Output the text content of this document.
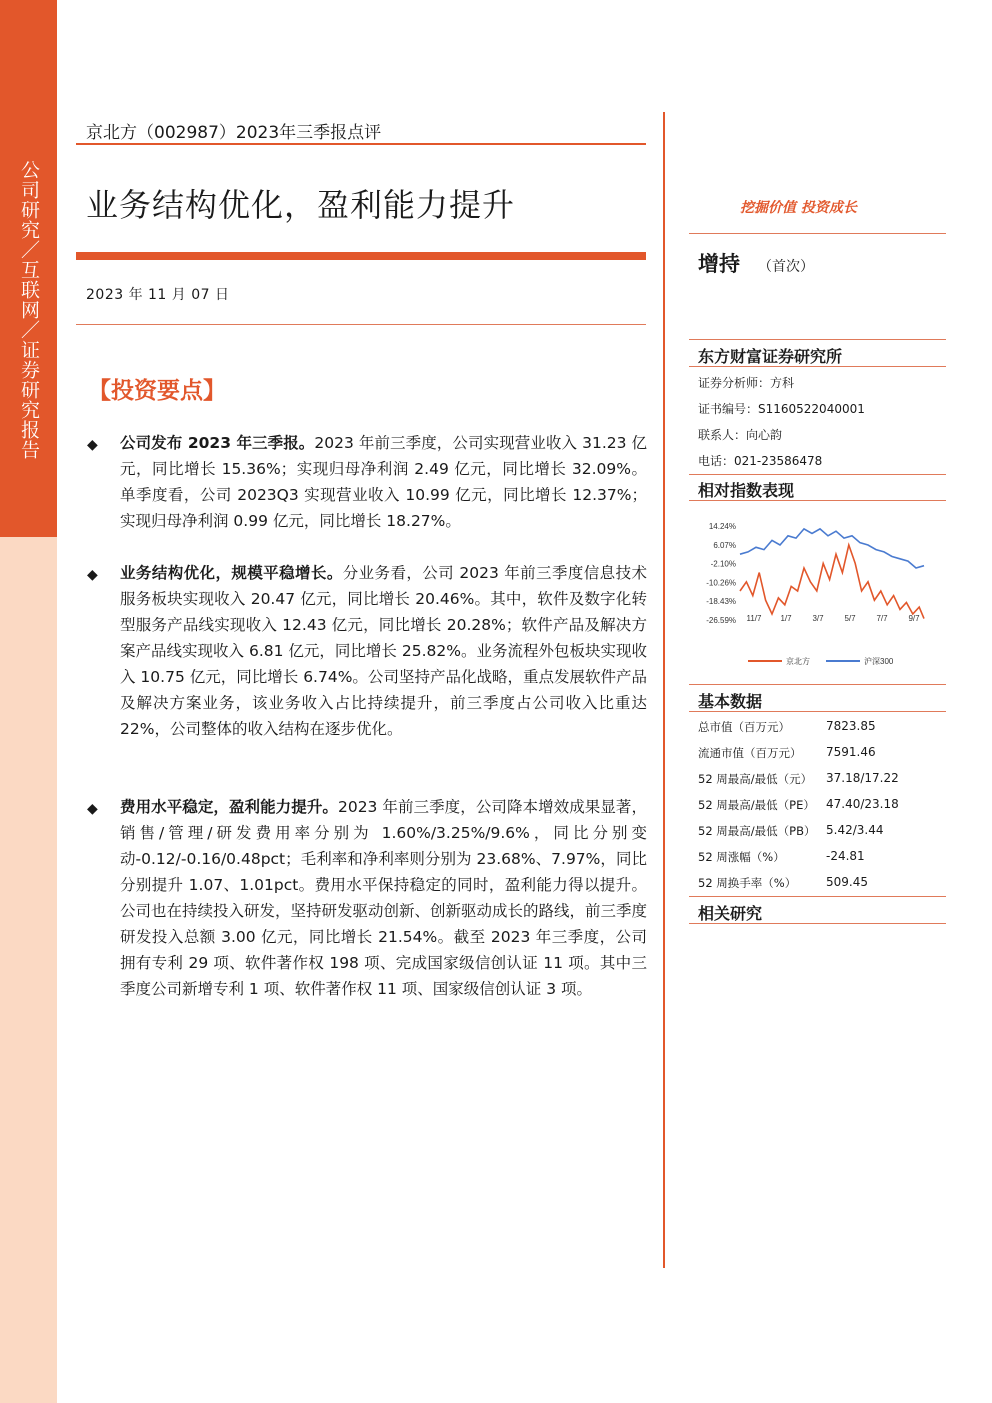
公司研究／互联网／证券研究报告
京北方（002987）2023年三季报点评
业务结构优化，盈利能力提升
2023 年 11 月 07 日
【投资要点】
◆ 公司发布 2023 年三季报。2023 年前三季度，公司实现营业收入 31.23 亿元，同比增长 15.36%；实现归母净利润 2.49 亿元，同比增长 32.09%。单季度看，公司 2023Q3 实现营业收入 10.99 亿元，同比增长 12.37%；实现归母净利润 0.99 亿元，同比增长 18.27%。
◆ 业务结构优化，规模平稳增长。分业务看，公司 2023 年前三季度信息技术服务板块实现收入 20.47 亿元，同比增长 20.46%。其中，软件及数字化转型服务产品线实现收入 12.43 亿元，同比增长 20.28%；软件产品及解决方案产品线实现收入 6.81 亿元，同比增长 25.82%。业务流程外包板块实现收入 10.75 亿元，同比增长 6.74%。公司坚持产品化战略，重点发展软件产品及解决方案业务，该业务收入占比持续提升，前三季度占公司收入比重达 22%，公司整体的收入结构在逐步优化。
◆ 费用水平稳定，盈利能力提升。2023 年前三季度，公司降本增效成果显著，销售/管理/研发费用率分别为 1.60%/3.25%/9.6%，同比分别变动-0.12/-0.16/0.48pct；毛利率和净利率则分别为 23.68%、7.97%，同比分别提升 1.07、1.01pct。费用水平保持稳定的同时，盈利能力得以提升。公司也在持续投入研发，坚持研发驱动创新、创新驱动成长的路线，前三季度研发投入总额 3.00 亿元，同比增长 21.54%。截至 2023 年三季度，公司拥有专利 29 项、软件著作权 198 项、完成国家级信创认证 11 项。其中三季度公司新增专利 1 项、软件著作权 11 项、国家级信创认证 3 项。
挖掘价值 投资成长
增持 （首次）
东方财富证券研究所
证券分析师：方科
证书编号：S1160522040001
联系人：向心韵
电话：021-23586478
相对指数表现
14.24%
6.07%
-2.10%
-10.26%
-18.43%
-26.59% 11/7 1/7	3/7	5/7	7/7	9/7
京北方	沪深300
基本数据
总市值（百万元）	7823.85
流通市值（百万元） 7591.46
52 周最高/最低（元） 37.18/17.22
52 周最高/最低（PE） 47.40/23.18
52 周最高/最低（PB） 5.42/3.44
52 周涨幅（%）	-24.81
52 周换手率（%） 509.45
相关研究
